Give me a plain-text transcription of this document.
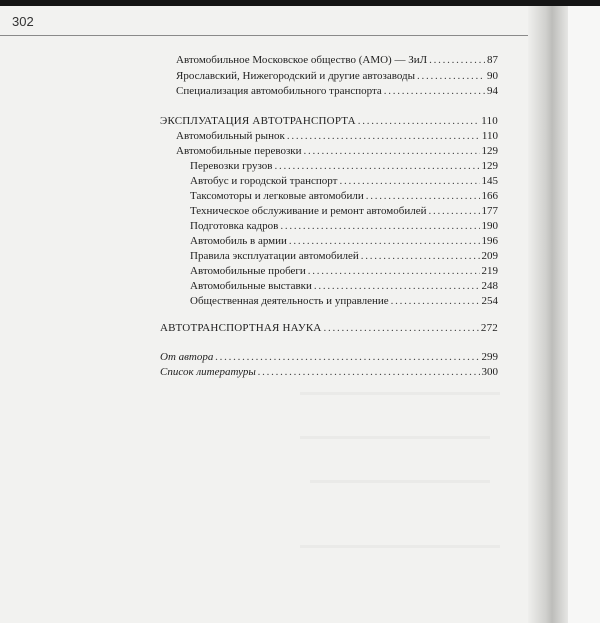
302
Автомобильное Московское общество (АМО) — ЗиЛ . . .	87
Ярославский, Нижегородский и другие автозаводы . . .	90
Специализация автомобильного транспорта . . .	94
ЭКСПЛУАТАЦИЯ АВТОТРАНСПОРТА . . .	110
Автомобильный рынок . . .	110
Автомобильные перевозки . . .	129
Перевозки грузов . . .	129
Автобус и городской транспорт . . .	145
Таксомоторы и легковые автомобили . . .	166
Техническое обслуживание и ремонт автомобилей . . .	177
Подготовка кадров . . .	190
Автомобиль в армии . . .	196
Правила эксплуатации автомобилей . . .	209
Автомобильные пробеги . . .	219
Автомобильные выставки . . .	248
Общественная деятельность и управление . . .	254
АВТОТРАНСПОРТНАЯ НАУКА . . .	272
От автора . . .	299
Список литературы . . .	300
